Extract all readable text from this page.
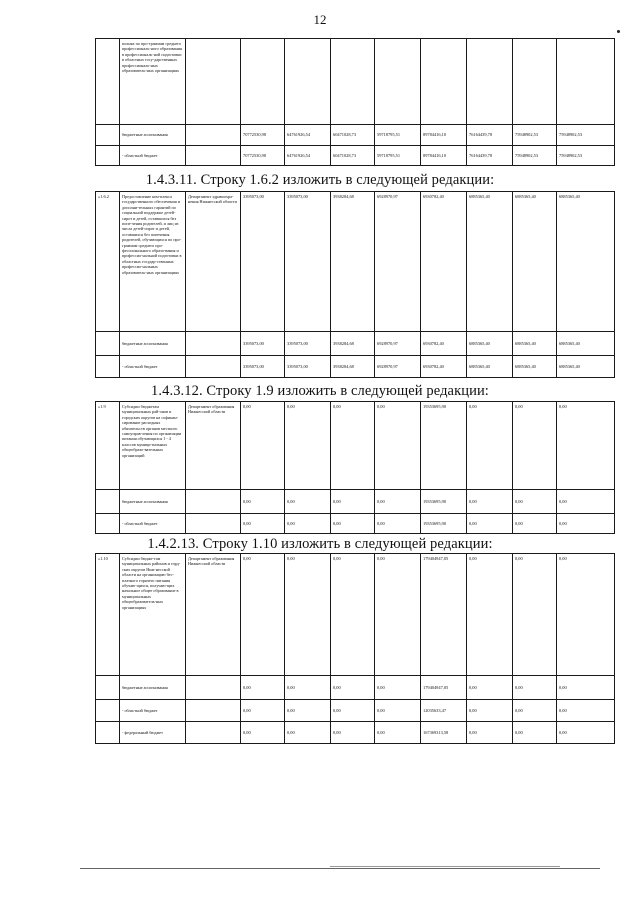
12
	полнях по про-граммам среднего профессиональ-ного образования в профессиональ-ной подготовки в областных госу-дарственных профессиональ-ных образователь-ных организациях										
	бюджетные ассигнования		70772530,98	64761926,54	60471028,73	59718795,51	89784416,10	76164439,78	75948902,53	75948902,53	
	- областной бюджет		70772530,98	64761926,54	60471028,73	59718795,51	89784416,10	76164439,78	75948902,53	75948902,53	
1.4.3.11. Строку 1.6.2 изложить в следующей редакции:
«1.6.2	Предоставление ком-плекса государственного обеспечения и дополни-тельных гарантий по социальной поддержке детей-сирот и детей, оставшихся без попе-чения родителей, и лиц из числа детей-сирот и детей, оставшихся без попечения родителей, обучающихся по про-граммам среднего про-фессионального образо-вания и профессио-нальной подготовки в областных государ-ственных профессио-нальных образователь-ных организациях	Департамент здравоохра-нения Нижнесской области	3395073,00	3395073,00	3938284,68	6928970,97	6930782,40	6885365,40	6885365,40	6885365,40	
	бюджетные ассигнования		3395073,00	3395073,00	3938284,68	6928970,97	6930782,40	6885365,40	6885365,40	6885365,40	
	- областной бюджет		3395073,00	3395073,00	3938284,68	6928970,97	6930782,40	6885365,40	6885365,40	6885365,40	
1.4.3.12. Строку 1.9 изложить в следующей редакции:
«1.9	Субсидии бюджетам муниципальных рай-онов и городских округов на софинан-сирование расходных обязательств органов местного самоуправ-ления по организации питания обучающихся 1 - 4 классов муници-пальных общеобразо-вательных организаций	Департамент образования Нижнесской области	0,00	0,00	0,00	0,00	19353695,90	0,00	0,00	0,00	
	бюджетные ассигнования		0,00	0,00	0,00	0,00	19353695,90	0,00	0,00	0,00	
	- областной бюджет		0,00	0,00	0,00	0,00	19353695,90	0,00	0,00	0,00	
1.4.2.13. Строку 1.10 изложить в следующей редакции:
«1.10	Субсидии бюдже-там муниципальных районов и горд-ских округов Ниж-несской области на организацию бес-платного горячего питания обучаю-щихся, получаю-щих начальное общее образование в муниципальных общеобразователь-ных организациях	Департамент образования Нижнесской области	0,00	0,00	0,00	0,00	179404947,05	0,00	0,00	0,00	
	бюджетные ассигнования		0,00	0,00	0,00	0,00	179404947,05	0,00	0,00	0,00	
	- областной бюджет		0,00	0,00	0,00	0,00	12035633,47	0,00	0,00	0,00	
	- федеральный бюджет		0,00	0,00	0,00	0,00	167369313,58	0,00	0,00	0,00	
